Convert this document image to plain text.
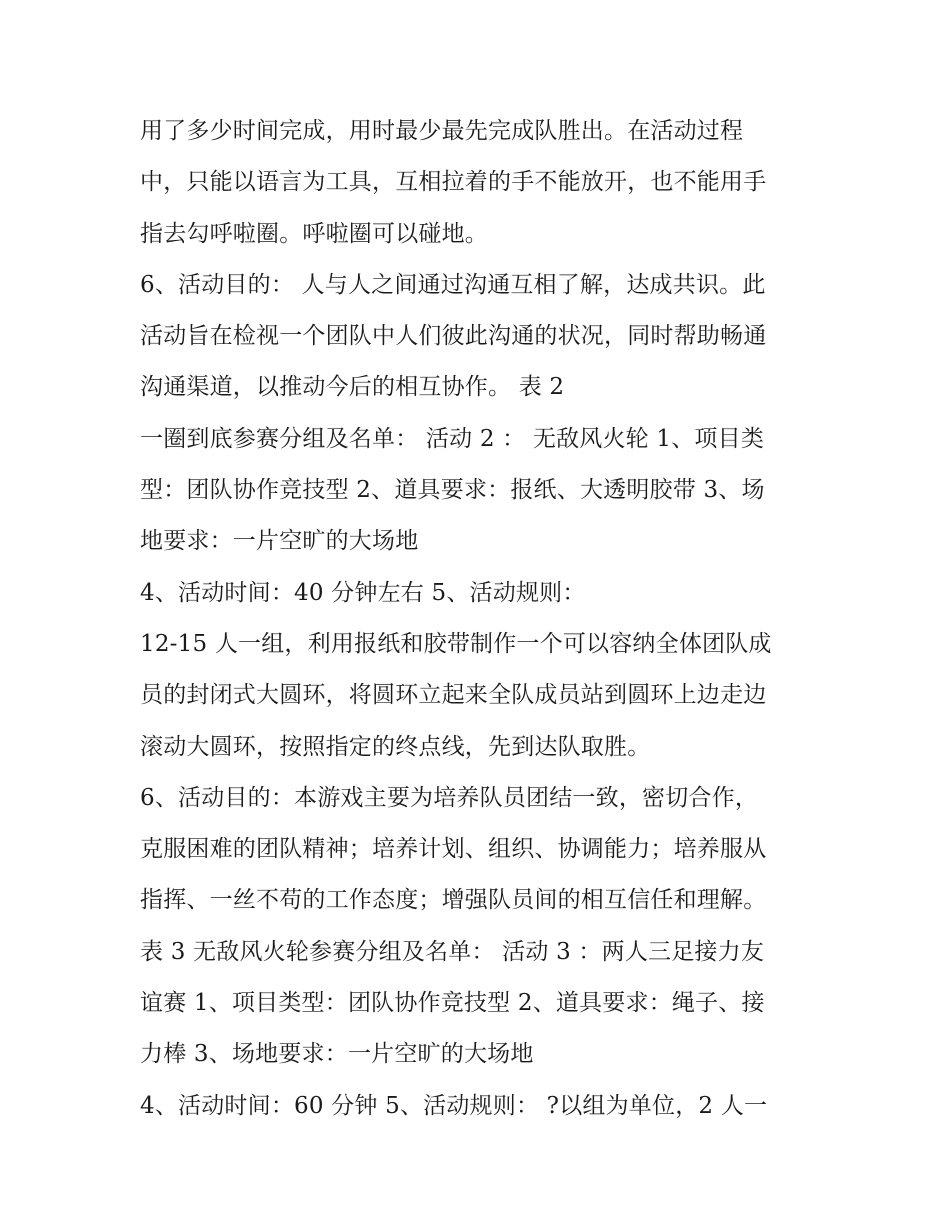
用了多少时间完成，用时最少最先完成队胜出。在活动过程
中，只能以语言为工具，互相拉着的手不能放开，也不能用手
指去勾呼啦圈。呼啦圈可以碰地。
6、活动目的： 人与人之间通过沟通互相了解，达成共识。此
活动旨在检视一个团队中人们彼此沟通的状况，同时帮助畅通
沟通渠道，以推动今后的相互协作。 表 2
一圈到底参赛分组及名单： 活动 2 ： 无敌风火轮 1、项目类
型：团队协作竞技型 2、道具要求：报纸、大透明胶带 3、场
地要求：一片空旷的大场地
4、活动时间：40 分钟左右 5、活动规则：
12-15 人一组，利用报纸和胶带制作一个可以容纳全体团队成
员的封闭式大圆环，将圆环立起来全队成员站到圆环上边走边
滚动大圆环，按照指定的终点线，先到达队取胜。
6、活动目的：本游戏主要为培养队员团结一致，密切合作，
克服困难的团队精神；培养计划、组织、协调能力；培养服从
指挥、一丝不苟的工作态度；增强队员间的相互信任和理解。
表 3 无敌风火轮参赛分组及名单： 活动 3 ：两人三足接力友
谊赛 1、项目类型：团队协作竞技型 2、道具要求：绳子、接
力棒 3、场地要求：一片空旷的大场地
4、活动时间：60 分钟 5、活动规则： ?以组为单位，2 人一
